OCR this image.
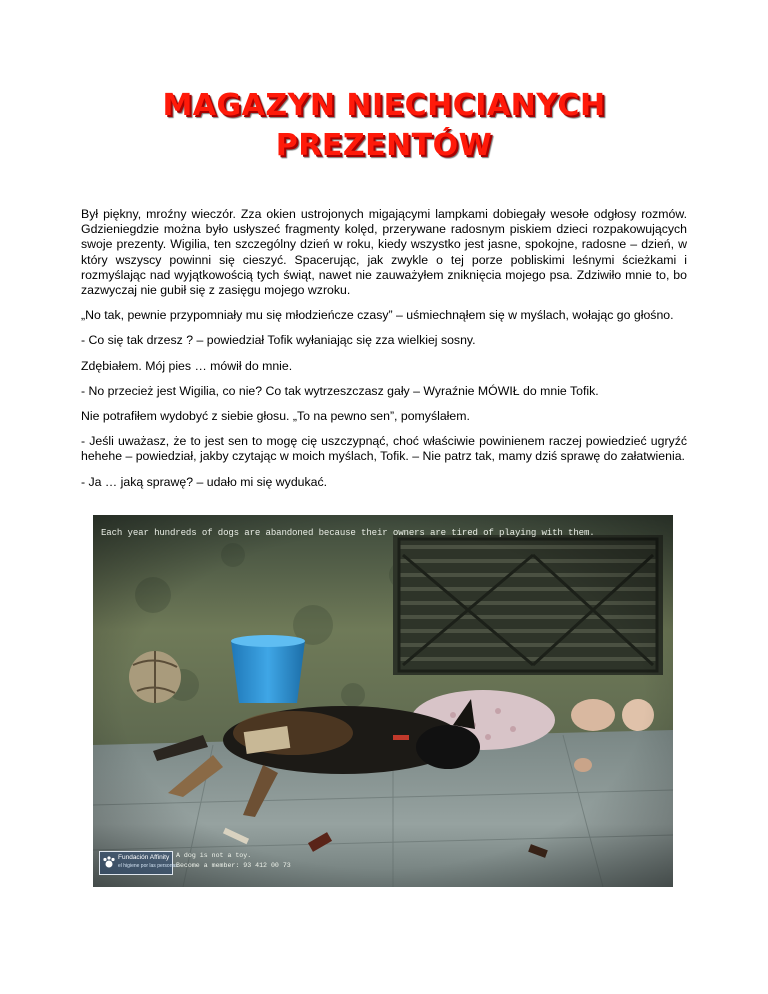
MAGAZYN NIECHCIANYCH
PREZENTÓW

Był piękny, mroźny wieczór. Zza okien ustrojonych migającymi lampkami dobiegały wesołe odgłosy rozmów. Gdzieniegdzie można było usłyszeć fragmenty kolęd, przerywane radosnym piskiem dzieci rozpakowujących swoje prezenty. Wigilia, ten szczególny dzień w roku, kiedy wszystko jest jasne, spokojne, radosne – dzień, w który wszyscy powinni się cieszyć. Spacerując, jak zwykle o tej porze pobliskimi leśnymi ścieżkami i rozmyślając nad wyjątkowością tych świąt, nawet nie zauważyłem zniknięcia mojego psa. Zdziwiło mnie to, bo zazwyczaj nie gubił się z zasięgu mojego wzroku.

„No tak, pewnie przypomniały mu się młodzieńcze czasy” – uśmiechnąłem się w myślach, wołając go głośno.

- Co się tak drzesz ? – powiedział Tofik wyłaniając się zza wielkiej sosny.

Zdębiałem. Mój pies … mówił do mnie.

- No przecież jest Wigilia, co nie? Co tak wytrzeszczasz gały – Wyraźnie MÓWIŁ do mnie Tofik.

Nie potrafiłem wydobyć z siebie głosu. „To na pewno sen”, pomyślałem.

- Jeśli uważasz, że to jest sen to mogę cię uszczypnąć, choć właściwie powinienem raczej powiedzieć ugryźć hehehe – powiedział, jakby czytając w moich myślach, Tofik. – Nie patrz tak, mamy dziś sprawę do załatwienia.

- Ja … jaką sprawę? – udało mi się wydukać.

Each year hundreds of dogs are abandoned because their owners are tired of playing with them.
Fundación Affinity
el higiene por las personas
A dog is not a toy.
Become a member: 93 412 00 73
